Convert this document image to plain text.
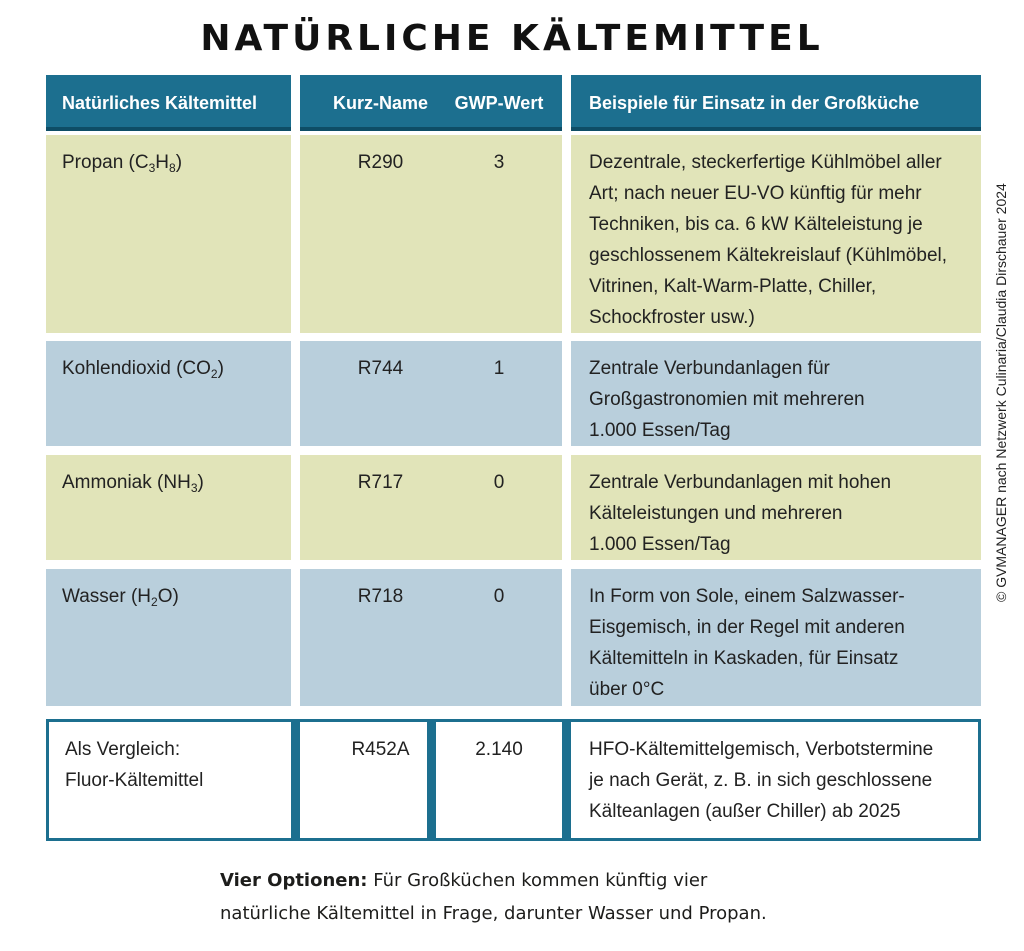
NATÜRLICHE KÄLTEMITTEL
Natürliches Kältemittel	Kurz-Name	GWP-Wert	Beispiele für Einsatz in der Großküche
Propan $(C_3H_8)$	R290	3	Dezentrale, steckerfertige Kühlmöbel aller
Art; nach neuer EU-VO künftig für mehr
Techniken, bis ca. 6 kW Kälteleistung je
geschlossenem Kältekreislauf (Kühlmöbel,
Vitrinen, Kalt-Warm-Platte, Chiller,
Schockfroster usw.)
Kohlendioxid $(CO_2)$	R744	1	Zentrale Verbundanlagen für
Großgastronomien mit mehreren
1.000 Essen/Tag
Ammoniak $(NH_3)$	R717	0	Zentrale Verbundanlagen mit hohen
Kälteleistungen und mehreren
1.000 Essen/Tag
Wasser $(H_2O)$	R718	0	In Form von Sole, einem Salzwasser-
Eisgemisch, in der Regel mit anderen
Kältemitteln in Kaskaden, für Einsatz
über 0°C
Als Vergleich:
Fluor-Kältemittel
R452A	2.140	HFO-Kältemittelgemisch, Verbotstermine
je nach Gerät, z. B. in sich geschlossene
Kälteanlagen (außer Chiller) ab 2025
© GVMANAGER nach Netzwerk Culinaria/Claudia Dirschauer 2024
Vier Optionen: Für Großküchen kommen künftig vier
natürliche Kältemittel in Frage, darunter Wasser und Propan.
